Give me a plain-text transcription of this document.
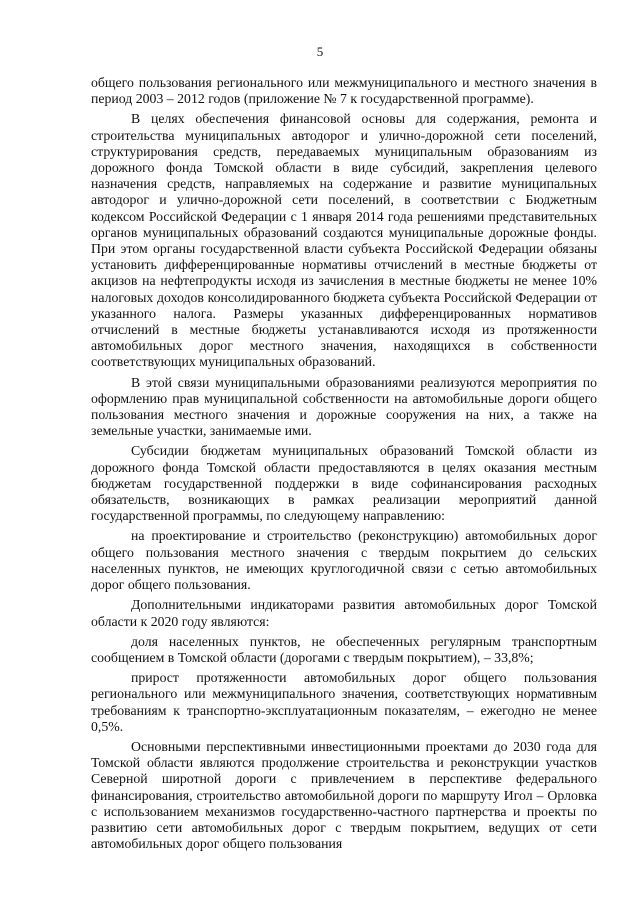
5

общего пользования регионального или межмуниципального и местного значения в период 2003 – 2012 годов (приложение № 7 к государственной программе).

В целях обеспечения финансовой основы для содержания, ремонта и строительства муниципальных автодорог и улично-дорожной сети поселений, структурирования средств, передаваемых муниципальным образованиям из дорожного фонда Томской области в виде субсидий, закрепления целевого назначения средств, направляемых на содержание и развитие муниципальных автодорог и улично-дорожной сети поселений, в соответствии с Бюджетным кодексом Российской Федерации с 1 января 2014 года решениями представительных органов муниципальных образований создаются муниципальные дорожные фонды. При этом органы государственной власти субъекта Российской Федерации обязаны установить дифференцированные нормативы отчислений в местные бюджеты от акцизов на нефтепродукты исходя из зачисления в местные бюджеты не менее 10% налоговых доходов консолидированного бюджета субъекта Российской Федерации от указанного налога. Размеры указанных дифференцированных нормативов отчислений в местные бюджеты устанавливаются исходя из протяженности автомобильных дорог местного значения, находящихся в собственности соответствующих муниципальных образований.

В этой связи муниципальными образованиями реализуются мероприятия по оформлению прав муниципальной собственности на автомобильные дороги общего пользования местного значения и дорожные сооружения на них, а также на земельные участки, занимаемые ими.

Субсидии бюджетам муниципальных образований Томской области из дорожного фонда Томской области предоставляются в целях оказания местным бюджетам государственной поддержки в виде софинансирования расходных обязательств, возникающих в рамках реализации мероприятий данной государственной программы, по следующему направлению:

на проектирование и строительство (реконструкцию) автомобильных дорог общего пользования местного значения с твердым покрытием до сельских населенных пунктов, не имеющих круглогодичной связи с сетью автомобильных дорог общего пользования.

Дополнительными индикаторами развития автомобильных дорог Томской области к 2020 году являются:

доля населенных пунктов, не обеспеченных регулярным транспортным сообщением в Томской области (дорогами с твердым покрытием), – 33,8%;

прирост протяженности автомобильных дорог общего пользования регионального или межмуниципального значения, соответствующих нормативным требованиям к транспортно-эксплуатационным показателям, – ежегодно не менее 0,5%.

Основными перспективными инвестиционными проектами до 2030 года для Томской области являются продолжение строительства и реконструкции участков Северной широтной дороги с привлечением в перспективе федерального финансирования, строительство автомобильной дороги по маршруту Игол – Орловка с использованием механизмов государственно-частного партнерства и проекты по развитию сети автомобильных дорог с твердым покрытием, ведущих от сети автомобильных дорог общего пользования
